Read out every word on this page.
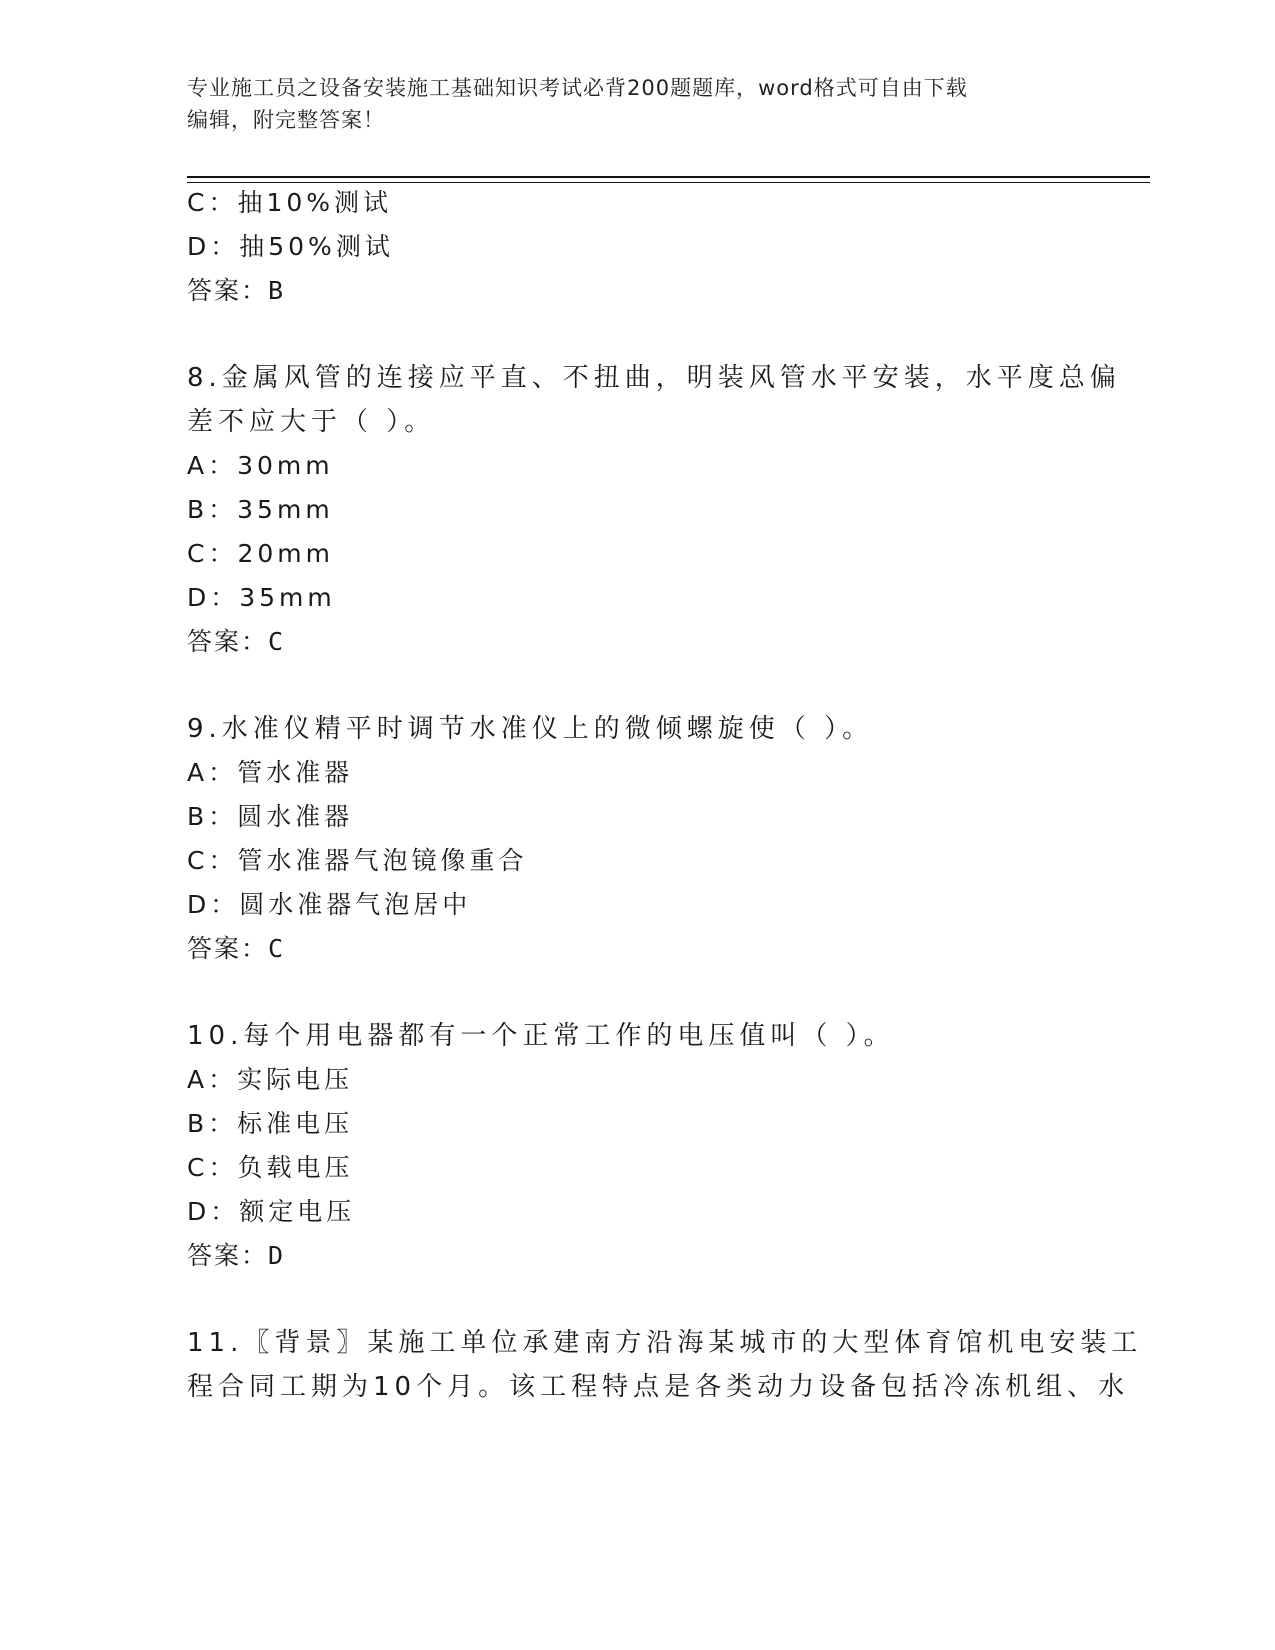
专业施工员之设备安装施工基础知识考试必背200题题库，word格式可自由下载
编辑，附完整答案！
C：抽10%测试
D：抽50%测试
答案：B
8.金属风管的连接应平直、不扭曲，明装风管水平安装，水平度总偏
差不应大于（ ）。
A：30mm
B：35mm
C：20mm
D：35mm
答案：C
9.水准仪精平时调节水准仪上的微倾螺旋使（ ）。
A：管水准器
B：圆水准器
C：管水准器气泡镜像重合
D：圆水准器气泡居中
答案：C
10.每个用电器都有一个正常工作的电压值叫（ ）。
A：实际电压
B：标准电压
C：负载电压
D：额定电压
答案：D
11.〖背景〗某施工单位承建南方沿海某城市的大型体育馆机电安装工
程合同工期为10个月。该工程特点是各类动力设备包括冷冻机组、水
